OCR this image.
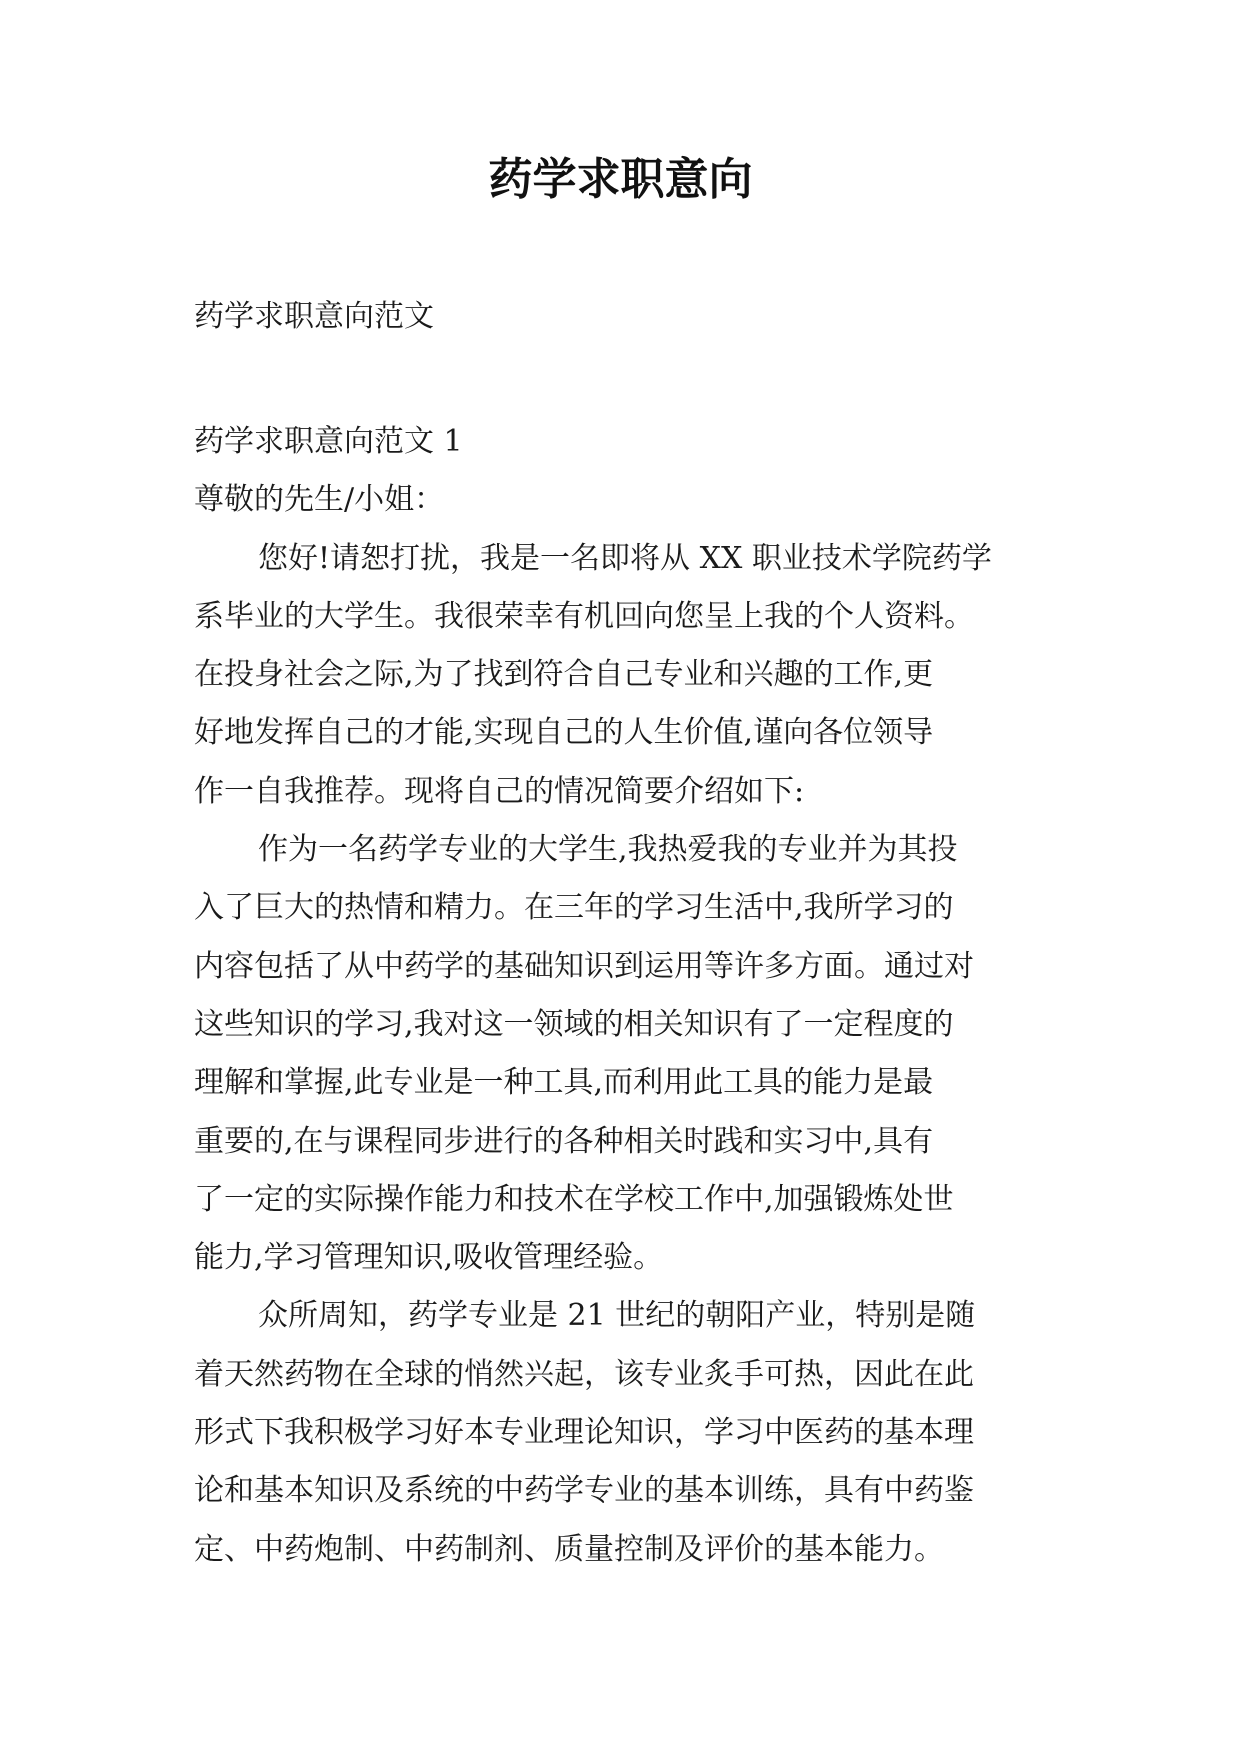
药学求职意向
药学求职意向范文
药学求职意向范文 1
尊敬的先生/小姐：
您好!请恕打扰，我是一名即将从 XX 职业技术学院药学
系毕业的大学生。我很荣幸有机回向您呈上我的个人资料。
在投身社会之际,为了找到符合自己专业和兴趣的工作,更
好地发挥自己的才能,实现自己的人生价值,谨向各位领导
作一自我推荐。现将自己的情况简要介绍如下:
作为一名药学专业的大学生,我热爱我的专业并为其投
入了巨大的热情和精力。在三年的学习生活中,我所学习的
内容包括了从中药学的基础知识到运用等许多方面。通过对
这些知识的学习,我对这一领域的相关知识有了一定程度的
理解和掌握,此专业是一种工具,而利用此工具的能力是最
重要的,在与课程同步进行的各种相关时践和实习中,具有
了一定的实际操作能力和技术在学校工作中,加强锻炼处世
能力,学习管理知识,吸收管理经验。
众所周知，药学专业是 21 世纪的朝阳产业，特别是随
着天然药物在全球的悄然兴起，该专业炙手可热，因此在此
形式下我积极学习好本专业理论知识，学习中医药的基本理
论和基本知识及系统的中药学专业的基本训练，具有中药鉴
定、中药炮制、中药制剂、质量控制及评价的基本能力。
